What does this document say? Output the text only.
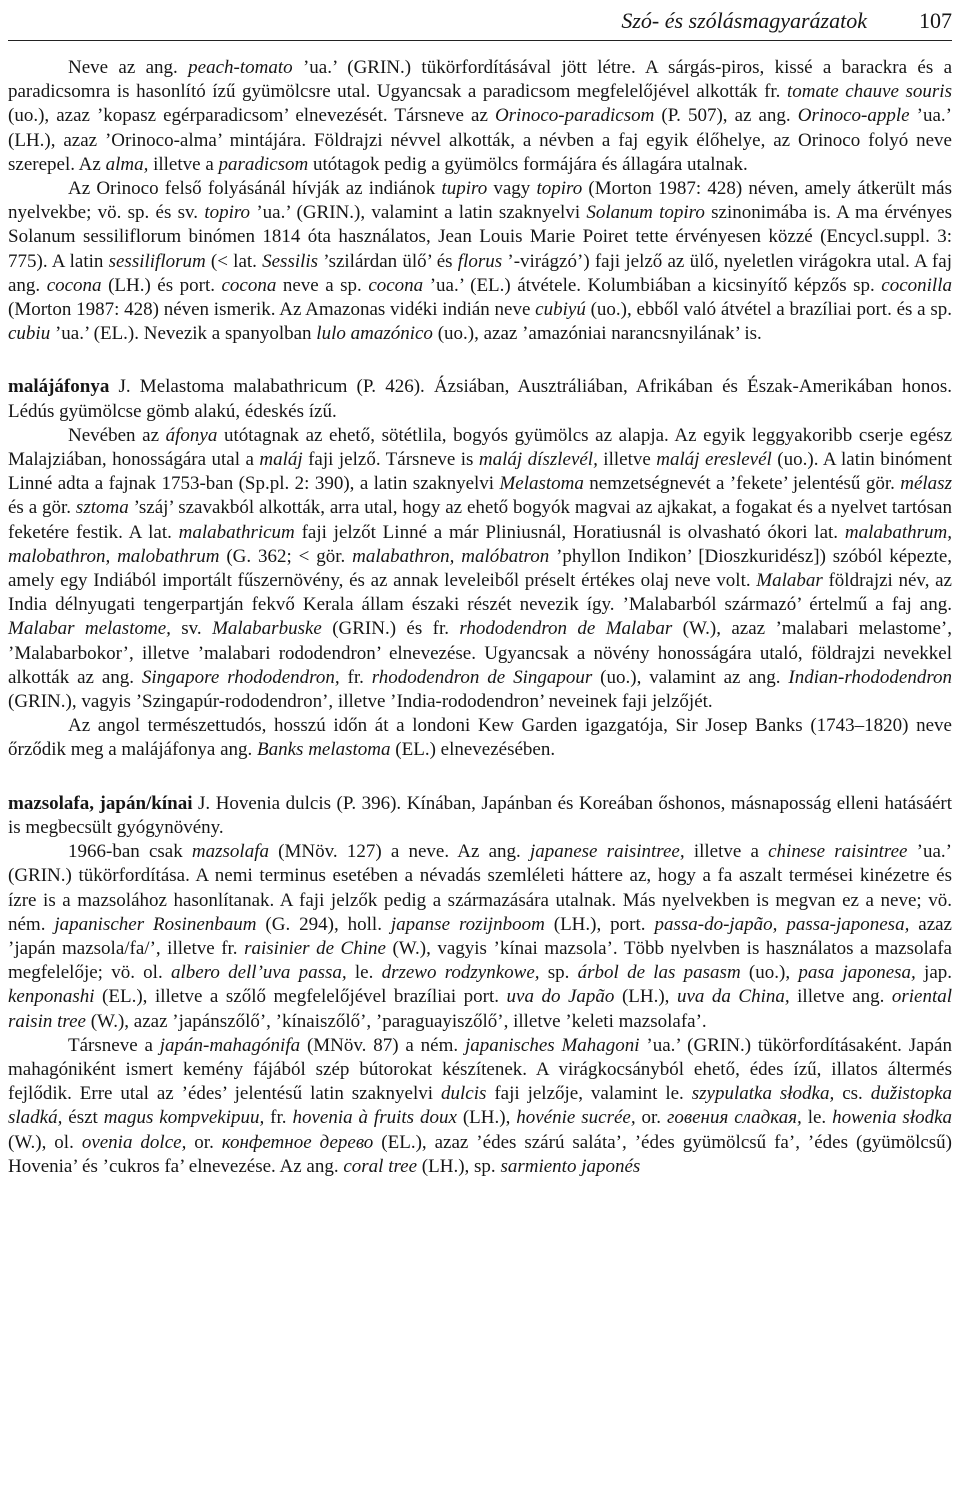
Szó- és szólásmagyarázatok 107

Neve az ang. peach-tomato ’ua.’ (GRIN.) tükörfordításával jött létre. A sárgás-piros, kissé a barackra és a paradicsomra is hasonlító ízű gyümölcsre utal. Ugyancsak a paradicsom megfelelőjével alkották fr. tomate chauve souris (uo.), azaz ’kopasz egérparadicsom’ elnevezését. Társneve az Orinoco-paradicsom (P. 507), az ang. Orinoco-apple ’ua.’ (LH.), azaz ’Orinoco-alma’ mintájára. Földrajzi névvel alkották, a névben a faj egyik élőhelye, az Orinoco folyó neve szerepel. Az alma, illetve a paradicsom utótagok pedig a gyümölcs formájára és állagára utalnak.

Az Orinoco felső folyásánál hívják az indiánok tupiro vagy topiro (Morton 1987: 428) néven, amely átkerült más nyelvekbe; vö. sp. és sv. topiro ’ua.’ (GRIN.), valamint a latin szaknyelvi Solanum topiro szinonimába is. A ma érvényes Solanum sessiliflorum binómen 1814 óta használatos, Jean Louis Marie Poiret tette érvényesen közzé (Encycl.suppl. 3: 775). A latin sessiliflorum (< lat. Sessilis ’szilárdan ülő’ és florus ’-virágzó’) faji jelző az ülő, nyeletlen virágokra utal. A faj ang. cocona (LH.) és port. cocona neve a sp. cocona ’ua.’ (EL.) átvétele. Kolumbiában a kicsinyítő képzős sp. coconilla (Morton 1987: 428) néven ismerik. Az Amazonas vidéki indián neve cubiyú (uo.), ebből való átvétel a brazíliai port. és a sp. cubiu ’ua.’ (EL.). Nevezik a spanyolban lulo amazónico (uo.), azaz ’amazóniai narancsnyilának’ is.

malájáfonya J. Melastoma malabathricum (P. 426). Ázsiában, Ausztráliában, Afrikában és Észak-Amerikában honos. Lédús gyümölcse gömb alakú, édeskés ízű.

Nevében az áfonya utótagnak az ehető, sötétlila, bogyós gyümölcs az alapja. Az egyik leggyakoribb cserje egész Malajziában, honosságára utal a maláj faji jelző. Társneve is maláj díszlevél, illetve maláj ereslevél (uo.). A latin binóment Linné adta a fajnak 1753-ban (Sp.pl. 2: 390), a latin szaknyelvi Melastoma nemzetségnevét a ’fekete’ jelentésű gör. mélasz és a gör. sztoma ’száj’ szavakból alkották, arra utal, hogy az ehető bogyók magvai az ajkakat, a fogakat és a nyelvet tartósan feketére festik. A lat. malabathricum faji jelzőt Linné a már Pliniusnál, Horatiusnál is olvasható ókori lat. malabathrum, malobathron, malobathrum (G. 362; < gör. malabathron, malóbatron ’phyllon Indikon’ [Dioszkuridész]) szóból képezte, amely egy Indiából importált fűszernövény, és az annak leveleiből préselt értékes olaj neve volt. Malabar földrajzi név, az India délnyugati tengerpartján fekvő Kerala állam északi részét nevezik így. ’Malabarból származó’ értelmű a faj ang. Malabar melastome, sv. Malabarbuske (GRIN.) és fr. rhododendron de Malabar (W.), azaz ’malabari melastome’, ’Malabarbokor’, illetve ’malabari rododendron’ elnevezése. Ugyancsak a növény honosságára utaló, földrajzi nevekkel alkották az ang. Singapore rhododendron, fr. rhododendron de Singapour (uo.), valamint az ang. Indian-rhododendron (GRIN.), vagyis ’Szingapúr-rododendron’, illetve ’India-rododendron’ neveinek faji jelzőjét.

Az angol természettudós, hosszú időn át a londoni Kew Garden igazgatója, Sir Josep Banks (1743–1820) neve őrződik meg a malájáfonya ang. Banks melastoma (EL.) elnevezésében.

mazsolafa, japán/kínai J. Hovenia dulcis (P. 396). Kínában, Japánban és Koreában őshonos, másnaposság elleni hatásáért is megbecsült gyógynövény.

1966-ban csak mazsolafa (MNöv. 127) a neve. Az ang. japanese raisintree, illetve a chinese raisintree ’ua.’ (GRIN.) tükörfordítása. A nemi terminus esetében a névadás szemléleti háttere az, hogy a fa aszalt termései kinézetre és ízre is a mazsolához hasonlítanak. A faji jelzők pedig a származására utalnak. Más nyelvekben is megvan ez a neve; vö. ném. japanischer Rosinenbaum (G. 294), holl. japanse rozijnboom (LH.), port. passa-do-japão, passa-japonesa, azaz ’japán mazsola/fa/’, illetve fr. raisinier de Chine (W.), vagyis ’kínai mazsola’. Több nyelvben is használatos a mazsolafa megfelelője; vö. ol. albero dell’uva passa, le. drzewo rodzynkowe, sp. árbol de las pasasm (uo.), pasa japonesa, jap. kenponashi (EL.), illetve a szőlő megfelelőjével brazíliai port. uva do Japão (LH.), uva da China, illetve ang. oriental raisin tree (W.), azaz ’japánszőlő’, ’kínaiszőlő’, ’paraguayiszőlő’, illetve ’keleti mazsolafa’.

Társneve a japán-mahagónifa (MNöv. 87) a ném. japanisches Mahagoni ’ua.’ (GRIN.) tükörfordításaként. Japán mahagóniként ismert kemény fájából szép bútorokat készítenek. A virágkocsányból ehető, édes ízű, illatos áltermés fejlődik. Erre utal az ’édes’ jelentésű latin szaknyelvi dulcis faji jelzője, valamint le. szypulatka słodka, cs. dužistopka sladká, észt magus kompvekipuu, fr. hovenia à fruits doux (LH.), hovénie sucrée, or. говения сладкая, le. howenia słodka (W.), ol. ovenia dolce, or. конфетное дерево (EL.), azaz ’édes szárú saláta’, ’édes gyümölcsű fa’, ’édes (gyümölcsű) Hovenia’ és ’cukros fa’ elnevezése. Az ang. coral tree (LH.), sp. sarmiento japonés
